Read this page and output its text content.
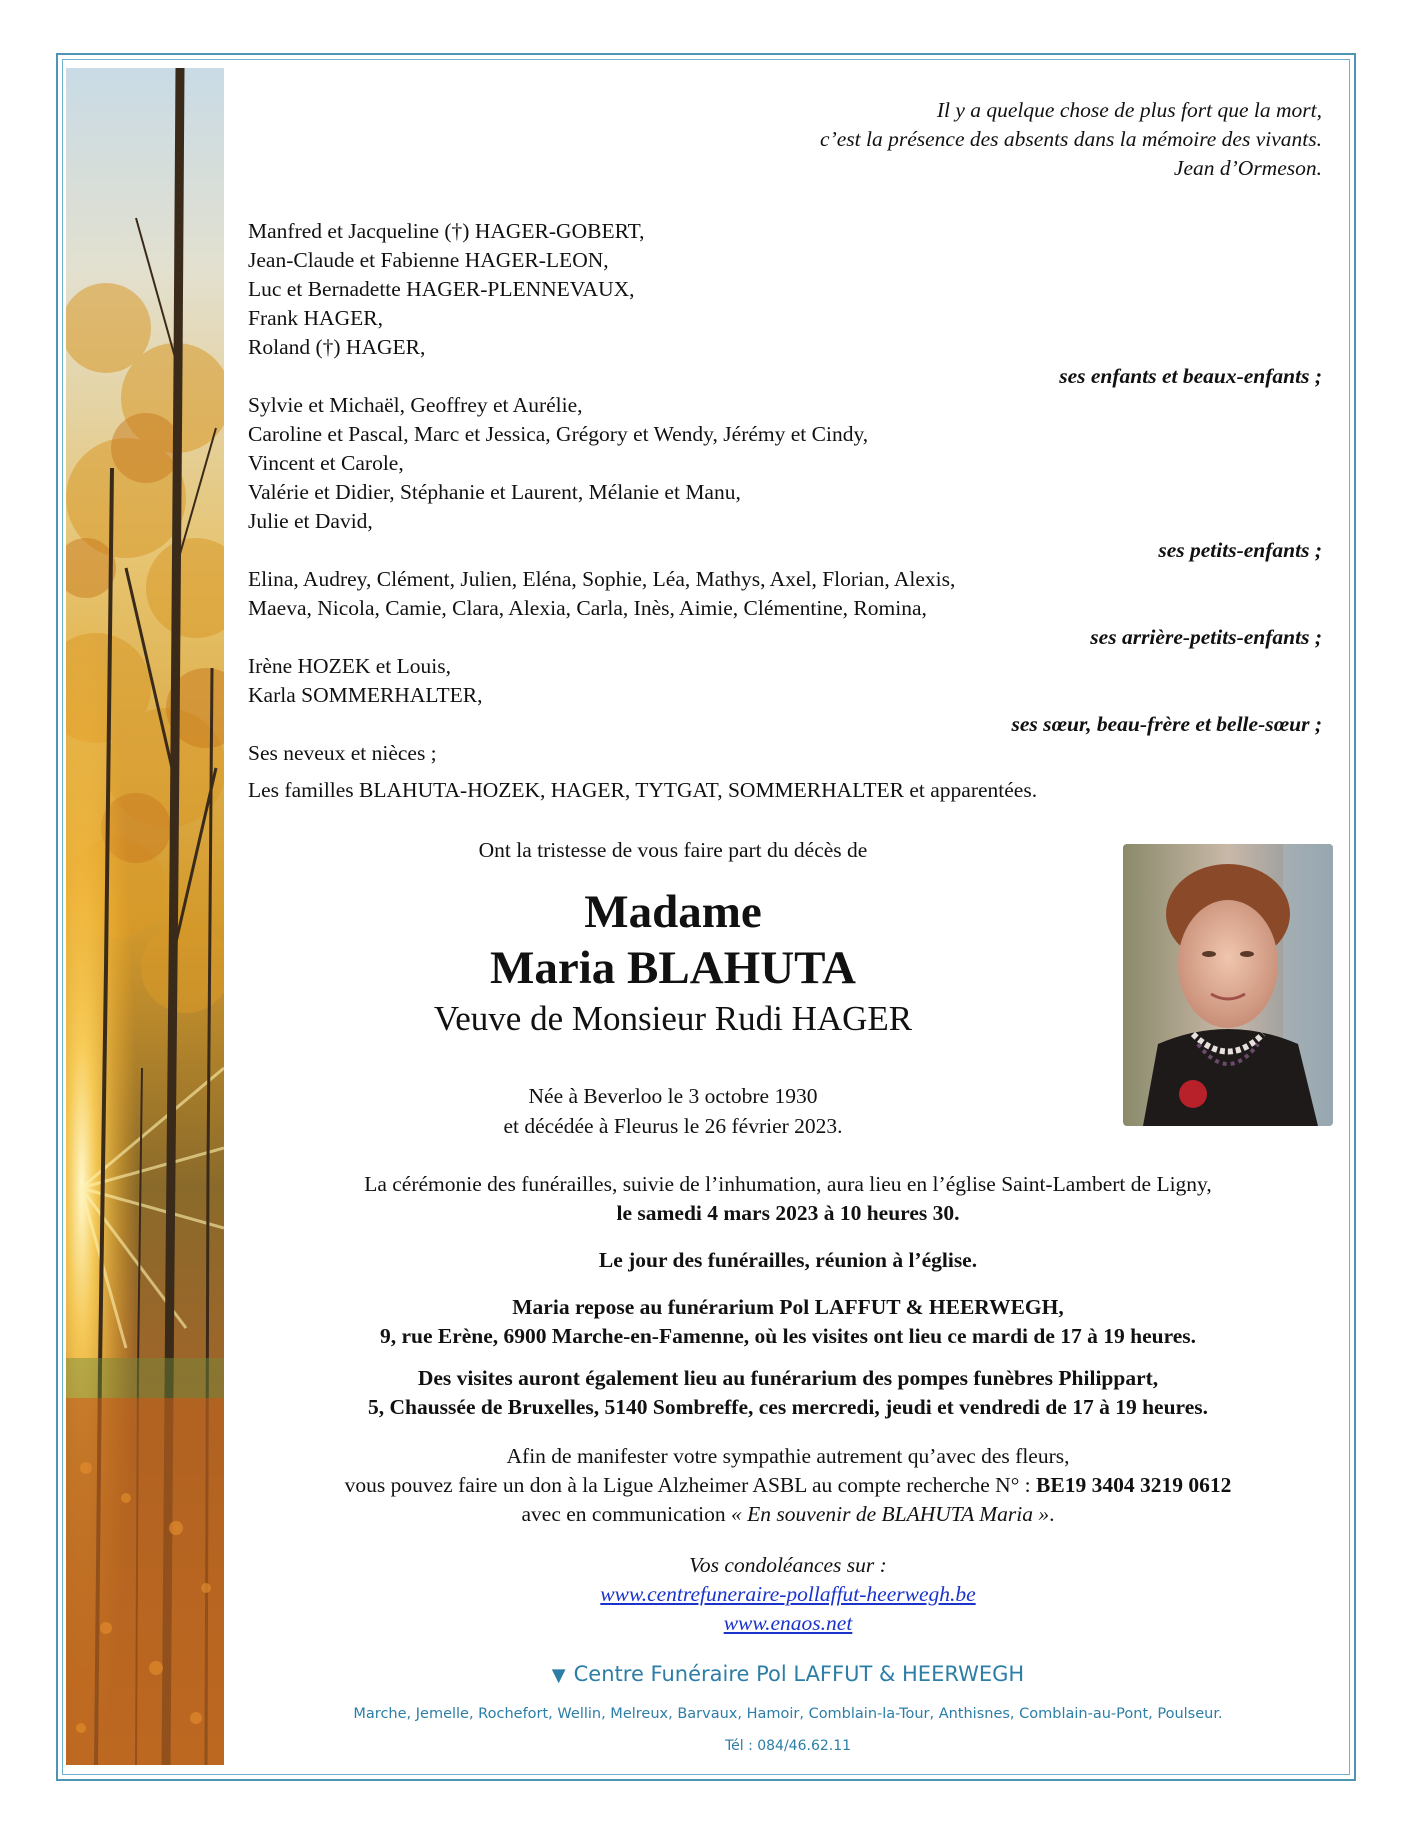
Il y a quelque chose de plus fort que la mort,
c’est la présence des absents dans la mémoire des vivants.
Jean d’Ormeson.
Manfred et Jacqueline (†) HAGER-GOBERT,
Jean-Claude et Fabienne HAGER-LEON,
Luc et Bernadette HAGER-PLENNEVAUX,
Frank HAGER,
Roland (†) HAGER,
ses enfants et beaux-enfants ;
Sylvie et Michaël, Geoffrey et Aurélie,
Caroline et Pascal, Marc et Jessica, Grégory et Wendy, Jérémy et Cindy,
Vincent et Carole,
Valérie et Didier, Stéphanie et Laurent, Mélanie et Manu,
Julie et David,
ses petits-enfants ;
Elina, Audrey, Clément, Julien, Eléna, Sophie, Léa, Mathys, Axel, Florian, Alexis,
Maeva, Nicola, Camie, Clara, Alexia, Carla, Inès, Aimie, Clémentine, Romina,
ses arrière-petits-enfants ;
Irène HOZEK et Louis,
Karla SOMMERHALTER,
ses sœur, beau-frère et belle-sœur ;
Ses neveux et nièces ;
Les familles BLAHUTA-HOZEK, HAGER, TYTGAT, SOMMERHALTER et apparentées.
Ont la tristesse de vous faire part du décès de
Madame
Maria BLAHUTA
Veuve de Monsieur Rudi HAGER
Née à Beverloo le 3 octobre 1930
et décédée à Fleurus le 26 février 2023.

La cérémonie des funérailles, suivie de l’inhumation, aura lieu en l’église Saint-Lambert de Ligny,
le samedi 4 mars 2023 à 10 heures 30.

Le jour des funérailles, réunion à l’église.

Maria repose au funérarium Pol LAFFUT & HEERWEGH,
9, rue Erène, 6900 Marche-en-Famenne, où les visites ont lieu ce mardi de 17 à 19 heures.

Des visites auront également lieu au funérarium des pompes funèbres Philippart,
5, Chaussée de Bruxelles, 5140 Sombreffe, ces mercredi, jeudi et vendredi de 17 à 19 heures.

Afin de manifester votre sympathie autrement qu’avec des fleurs,
vous pouvez faire un don à la Ligue Alzheimer ASBL au compte recherche N° : BE19 3404 3219 0612
avec en communication « En souvenir de BLAHUTA Maria ».

Vos condoléances sur :
www.centrefuneraire-pollaffut-heerwegh.be
www.enaos.net

▼ Centre Funéraire Pol LAFFUT & HEERWEGH
Marche, Jemelle, Rochefort, Wellin, Melreux, Barvaux, Hamoir, Comblain-la-Tour, Anthisnes, Comblain-au-Pont, Poulseur.
Tél : 084/46.62.11
